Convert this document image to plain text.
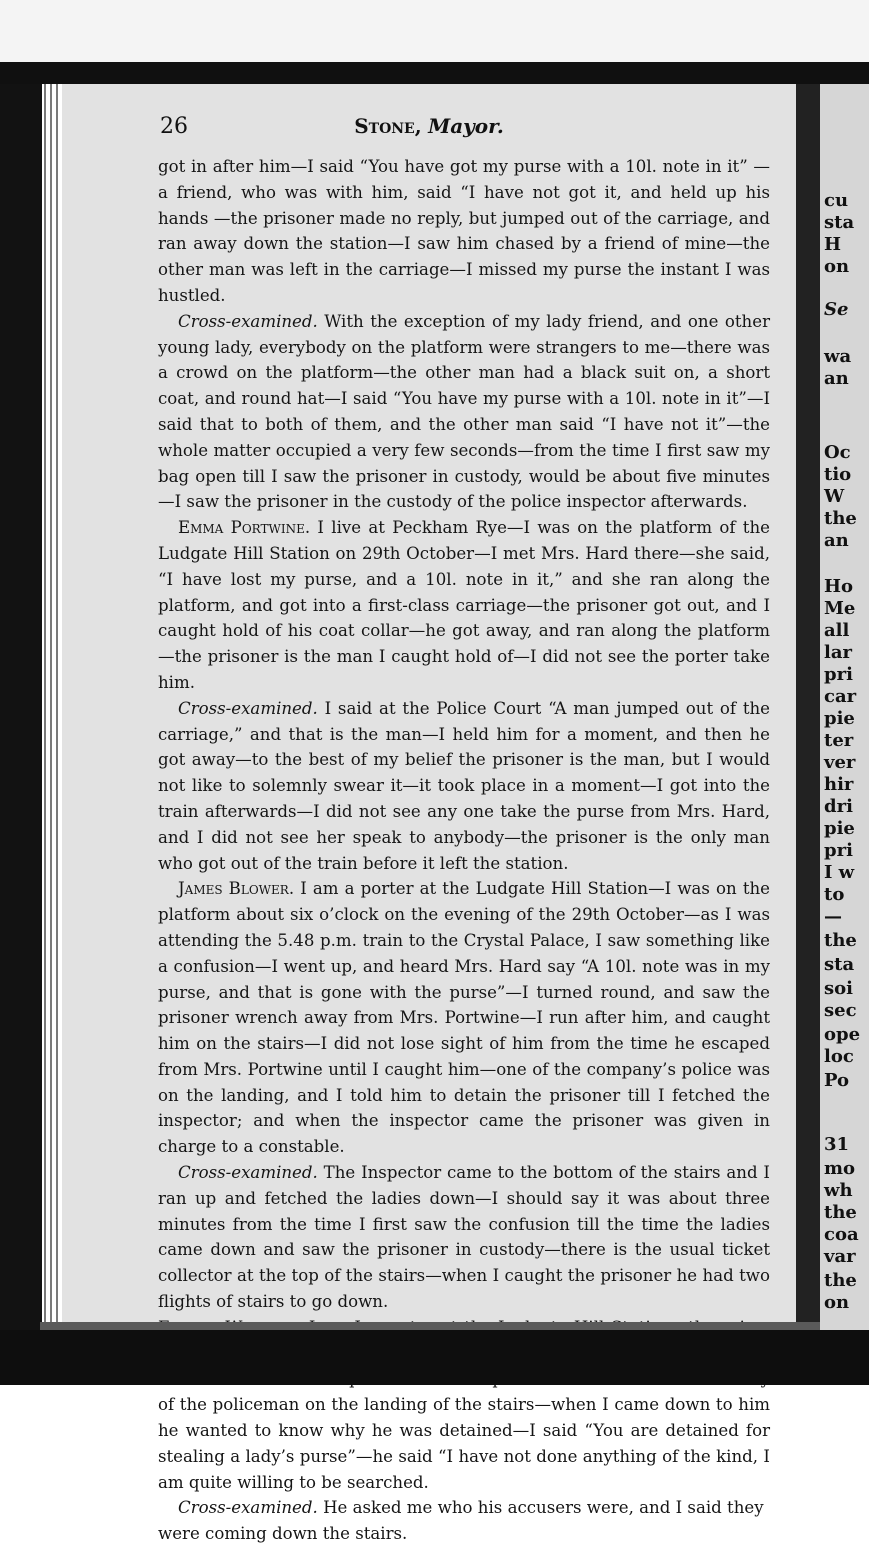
26	Stone, Mayor.

got in after him—I said “You have got my purse with a 10l. note in it” —a friend, who was with him, said “I have not got it, and held up his hands —the prisoner made no reply, but jumped out of the carriage, and ran away down the station—I saw him chased by a friend of mine—the other man was left in the carriage—I missed my purse the instant I was hustled.

Cross-examined. With the exception of my lady friend, and one other young lady, everybody on the platform were strangers to me—there was a crowd on the platform—the other man had a black suit on, a short coat, and round hat—I said “You have my purse with a 10l. note in it”—I said that to both of them, and the other man said “I have not it”—the whole matter occupied a very few seconds—from the time I first saw my bag open till I saw the prisoner in custody, would be about five minutes—I saw the prisoner in the custody of the police inspector afterwards.

Emma Portwine. I live at Peckham Rye—I was on the platform of the Ludgate Hill Station on 29th October—I met Mrs. Hard there—she said, “I have lost my purse, and a 10l. note in it,” and she ran along the platform, and got into a first-class carriage—the prisoner got out, and I caught hold of his coat collar—he got away, and ran along the platform—the prisoner is the man I caught hold of—I did not see the porter take him.

Cross-examined. I said at the Police Court “A man jumped out of the carriage,” and that is the man—I held him for a moment, and then he got away—to the best of my belief the prisoner is the man, but I would not like to solemnly swear it—it took place in a moment—I got into the train afterwards—I did not see any one take the purse from Mrs. Hard, and I did not see her speak to anybody—the prisoner is the only man who got out of the train before it left the station.

James Blower. I am a porter at the Ludgate Hill Station—I was on the platform about six o’clock on the evening of the 29th October—as I was attending the 5.48 p.m. train to the Crystal Palace, I saw something like a confusion—I went up, and heard Mrs. Hard say “A 10l. note was in my purse, and that is gone with the purse”—I turned round, and saw the prisoner wrench away from Mrs. Portwine—I run after him, and caught him on the stairs—I did not lose sight of him from the time he escaped from Mrs. Portwine until I caught him—one of the company’s police was on the landing, and I told him to detain the prisoner till I fetched the inspector; and when the inspector came the prisoner was given in charge to a constable.

Cross-examined. The Inspector came to the bottom of the stairs and I ran up and fetched the ladies down—I should say it was about three minutes from the time I first saw the confusion till the time the ladies came down and saw the prisoner in custody—there is the usual ticket collector at the top of the stairs—when I caught the prisoner he had two flights of stairs to go down.

of the policeman on the landing of the stairs—when I came down to him he wanted to know why he was detained—I said “You are detained for stealing a lady’s purse”—he said “I have not done anything of the kind, I am quite willing to be searched.

Cross-examined. He asked me who his accusers were, and I said they were coming down the stairs.

cu
sta
H
on
Se
wa
an
Oc
tio
W
the
an
Ho
Me
all
lar
pri
car
pie
ter
ver
hir
dri
pie
pri
I w
to
—
the
sta
soi
sec
ope
loc
Po
31
mo
wh
the
coa
var
the
on
